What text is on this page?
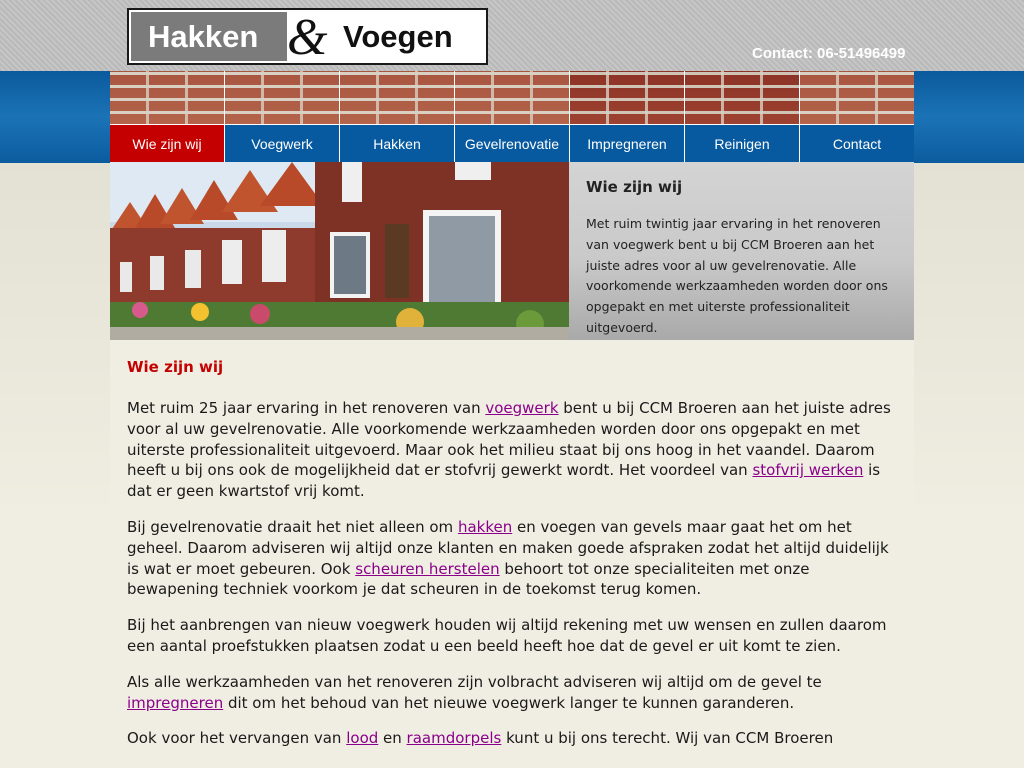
Hakken & Voegen	Contact: 06-51496499
Wie zijn wij	Voegwerk	Hakken	Gevelrenovatie	Impregneren	Reinigen	Contact
Wie zijn wij

Met ruim twintig jaar ervaring in het renoveren van voegwerk bent u bij CCM Broeren aan het juiste adres voor al uw gevelrenovatie. Alle voorkomende werkzaamheden worden door ons opgepakt en met uiterste professionaliteit uitgevoerd.

Wie zijn wij

Met ruim 25 jaar ervaring in het renoveren van voegwerk bent u bij CCM Broeren aan het juiste adres voor al uw gevelrenovatie. Alle voorkomende werkzaamheden worden door ons opgepakt en met uiterste professionaliteit uitgevoerd. Maar ook het milieu staat bij ons hoog in het vaandel. Daarom heeft u bij ons ook de mogelijkheid dat er stofvrij gewerkt wordt. Het voordeel van stofvrij werken is dat er geen kwartstof vrij komt.

Bij gevelrenovatie draait het niet alleen om hakken en voegen van gevels maar gaat het om het geheel. Daarom adviseren wij altijd onze klanten en maken goede afspraken zodat het altijd duidelijk is wat er moet gebeuren. Ook scheuren herstelen behoort tot onze specialiteiten met onze bewapening techniek voorkom je dat scheuren in de toekomst terug komen.

Bij het aanbrengen van nieuw voegwerk houden wij altijd rekening met uw wensen en zullen daarom een aantal proefstukken plaatsen zodat u een beeld heeft hoe dat de gevel er uit komt te zien.

Als alle werkzaamheden van het renoveren zijn volbracht adviseren wij altijd om de gevel te impregneren dit om het behoud van het nieuwe voegwerk langer te kunnen garanderen.

Ook voor het vervangen van lood en raamdorpels kunt u bij ons terecht. Wij van CCM Broeren
